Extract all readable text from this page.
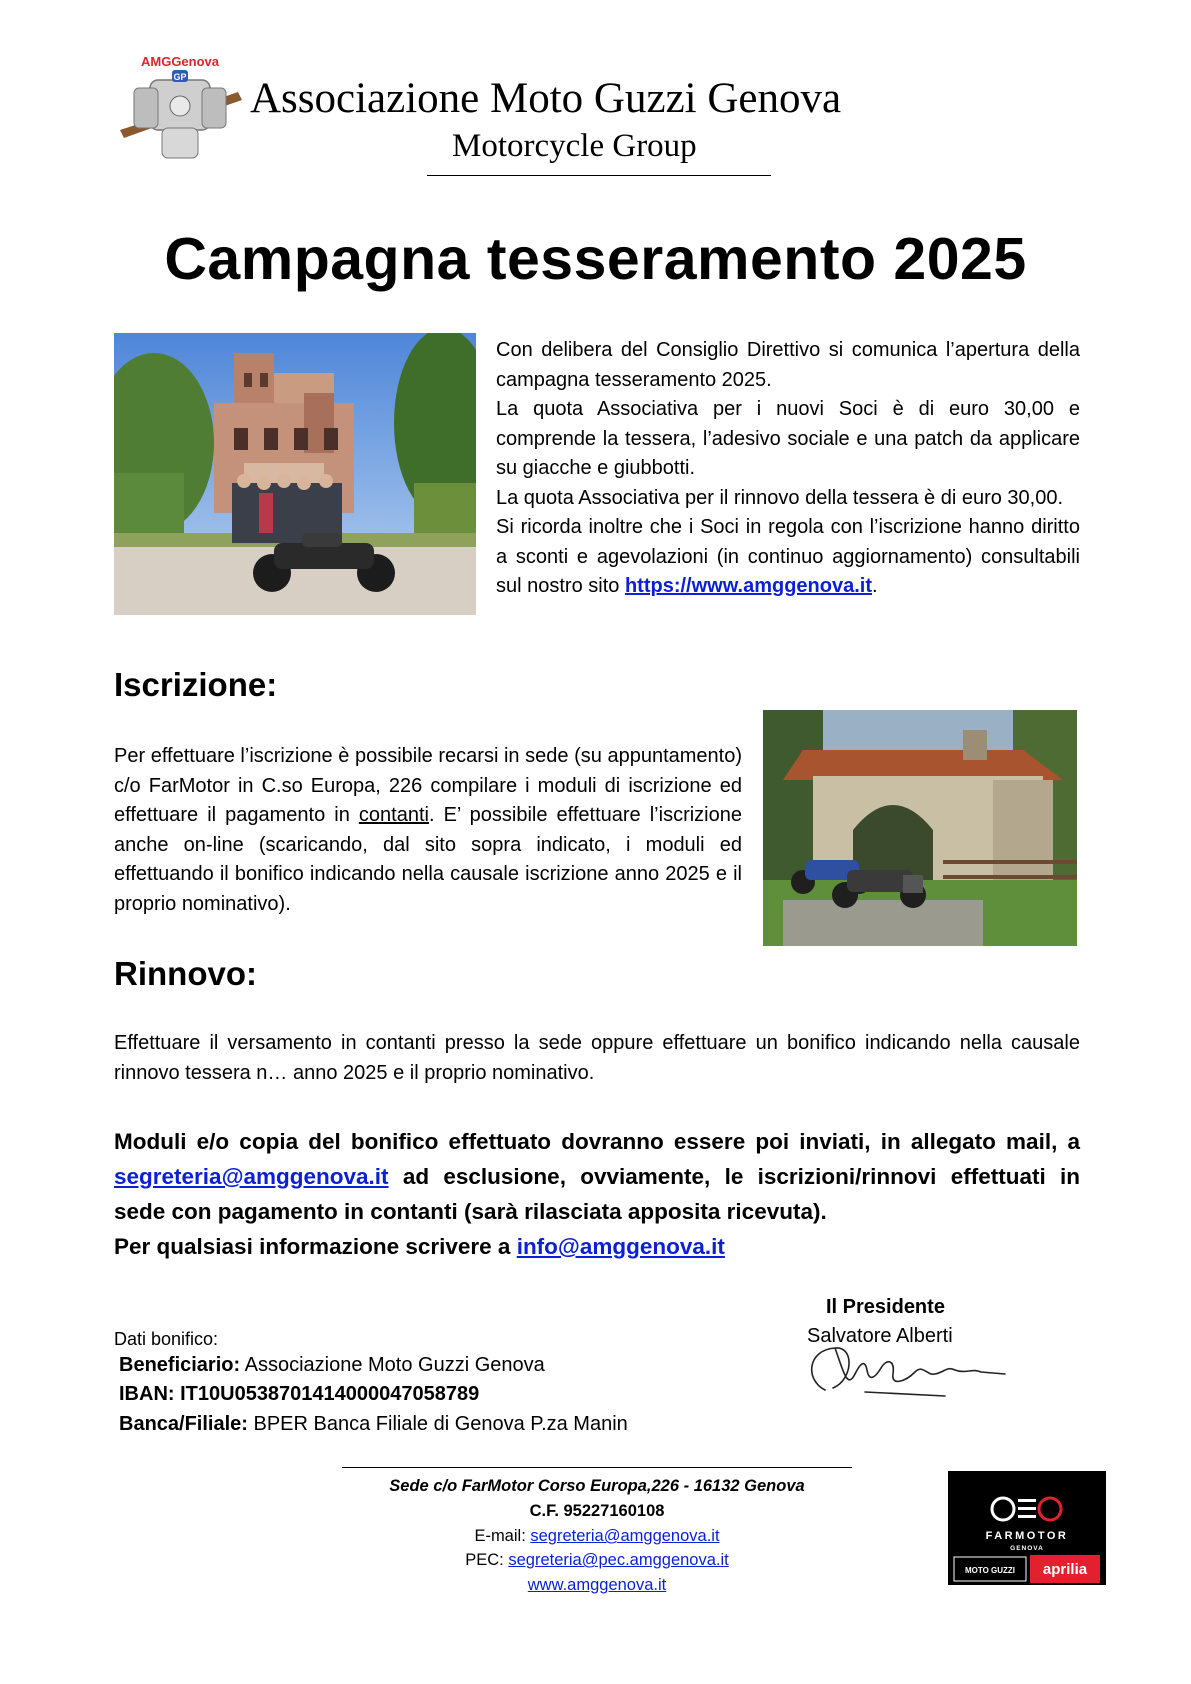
GP
AMGGenova
Associazione Moto Guzzi Genova
Motorcycle Group
Campagna tesseramento 2025

Con delibera del Consiglio Direttivo si comunica l’apertura della campagna tesseramento 2025.

La quota Associativa per i nuovi Soci è di euro 30,00 e comprende la tessera, l’adesivo sociale e una patch da applicare su giacche e giubbotti.

La quota Associativa per il rinnovo della tessera è di euro 30,00.

Si ricorda inoltre che i Soci in regola con l’iscrizione hanno diritto a sconti e agevolazioni (in continuo aggiornamento) consultabili sul nostro sito https://www.amggenova.it.

Iscrizione:
Per effettuare l’iscrizione è possibile recarsi in sede (su appuntamento) c/o FarMotor in C.so Europa, 226 compilare i moduli di iscrizione ed effettuare il pagamento in contanti. E’ possibile effettuare l’iscrizione anche on-line (scaricando, dal sito sopra indicato, i moduli ed effettuando il bonifico indicando nella causale iscrizione anno 2025 e il proprio nominativo).
Rinnovo:
Effettuare il versamento in contanti presso la sede oppure effettuare un bonifico indicando nella causale rinnovo tessera n… anno 2025 e il proprio nominativo.
Moduli e/o copia del bonifico effettuato dovranno essere poi inviati, in allegato mail, a segreteria@amggenova.it ad esclusione, ovviamente, le iscrizioni/rinnovi effettuati in sede con pagamento in contanti (sarà rilasciata apposita ricevuta).
Per qualsiasi informazione scrivere a info@amggenova.it
Il Presidente
Salvatore Alberti
Dati bonifico:
Beneficiario: Associazione Moto Guzzi Genova
IBAN: IT10U0538701414000047058789
Banca/Filiale: BPER Banca Filiale di Genova P.za Manin
Sede c/o FarMotor Corso Europa,226 - 16132 Genova
C.F. 95227160108
E-mail: segreteria@amggenova.it
PEC: segreteria@pec.amggenova.it
www.amggenova.it
FARMOTOR
GENOVA
MOTO GUZZI aprilia
